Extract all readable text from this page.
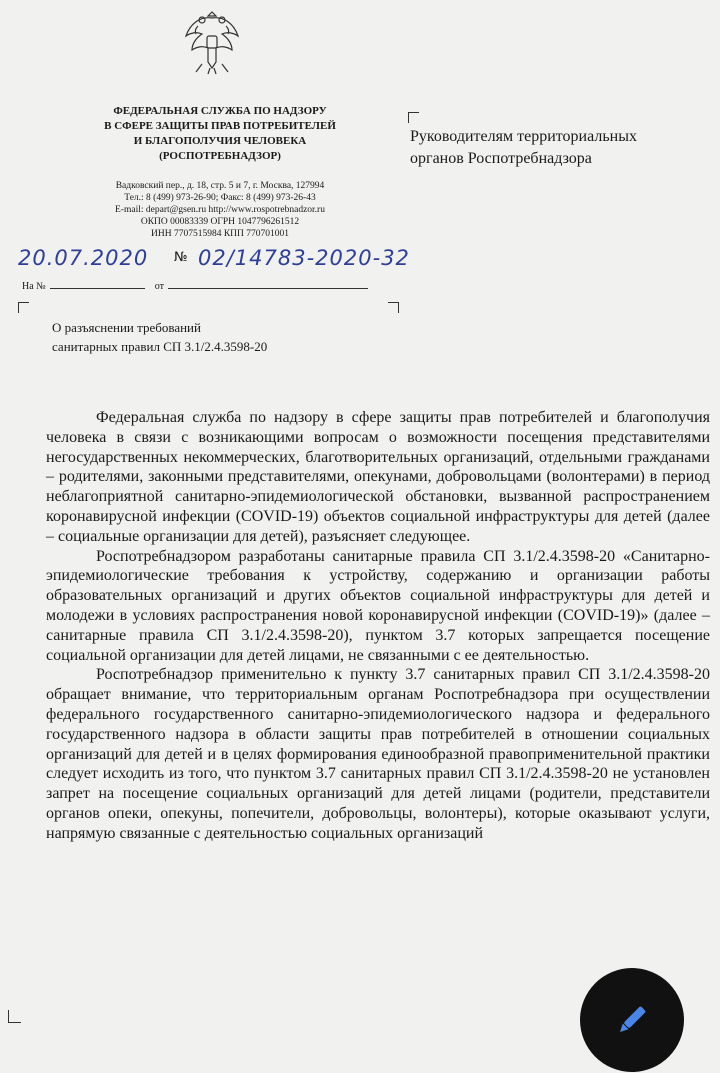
ФЕДЕРАЛЬНАЯ СЛУЖБА ПО НАДЗОРУ
В СФЕРЕ ЗАЩИТЫ ПРАВ ПОТРЕБИТЕЛЕЙ
И БЛАГОПОЛУЧИЯ ЧЕЛОВЕКА
(РОСПОТРЕБНАДЗОР)
Вадковский пер., д. 18, стр. 5 и 7, г. Москва, 127994
Тел.: 8 (499) 973-26-90; Факс: 8 (499) 973-26-43
E-mail: depart@gsen.ru http://www.rospotrebnadzor.ru
ОКПО 00083339 ОГРН 1047796261512
ИНН 7707515984 КПП 770701001
20.07.2020 № 02/14783-2020-32
На №	от
Руководителям территориальных
органов Роспотребнадзора
О разъяснении требований
санитарных правил СП 3.1/2.4.3598-20

Федеральная служба по надзору в сфере защиты прав потребителей и благополучия человека в связи с возникающими вопросам о возможности посещения представителями негосударственных некоммерческих, благотворительных организаций, отдельными гражданами – родителями, законными представителями, опекунами, добровольцами (волонтерами) в период неблагоприятной санитарно-эпидемиологической обстановки, вызванной распространением коронавирусной инфекции (COVID-19) объектов социальной инфраструктуры для детей (далее – социальные организации для детей), разъясняет следующее.

Роспотребнадзором разработаны санитарные правила СП 3.1/2.4.3598-20 «Санитарно-эпидемиологические требования к устройству, содержанию и организации работы образовательных организаций и других объектов социальной инфраструктуры для детей и молодежи в условиях распространения новой коронавирусной инфекции (COVID-19)» (далее – санитарные правила СП 3.1/2.4.3598-20), пунктом 3.7 которых запрещается посещение социальной организации для детей лицами, не связанными с ее деятельностью.

Роспотребнадзор применительно к пункту 3.7 санитарных правил СП 3.1/2.4.3598-20 обращает внимание, что территориальным органам Роспотребнадзора при осуществлении федерального государственного санитарно-эпидемиологического надзора и федерального государственного надзора в области защиты прав потребителей в отношении социальных организаций для детей и в целях формирования единообразной правоприменительной практики следует исходить из того, что пунктом 3.7 санитарных правил СП 3.1/2.4.3598-20 не установлен запрет на посещение социальных организаций для детей лицами (родители, представители органов опеки, опекуны, попечители, добровольцы, волонтеры), которые оказывают услуги, напрямую связанные с деятельностью социальных организаций
